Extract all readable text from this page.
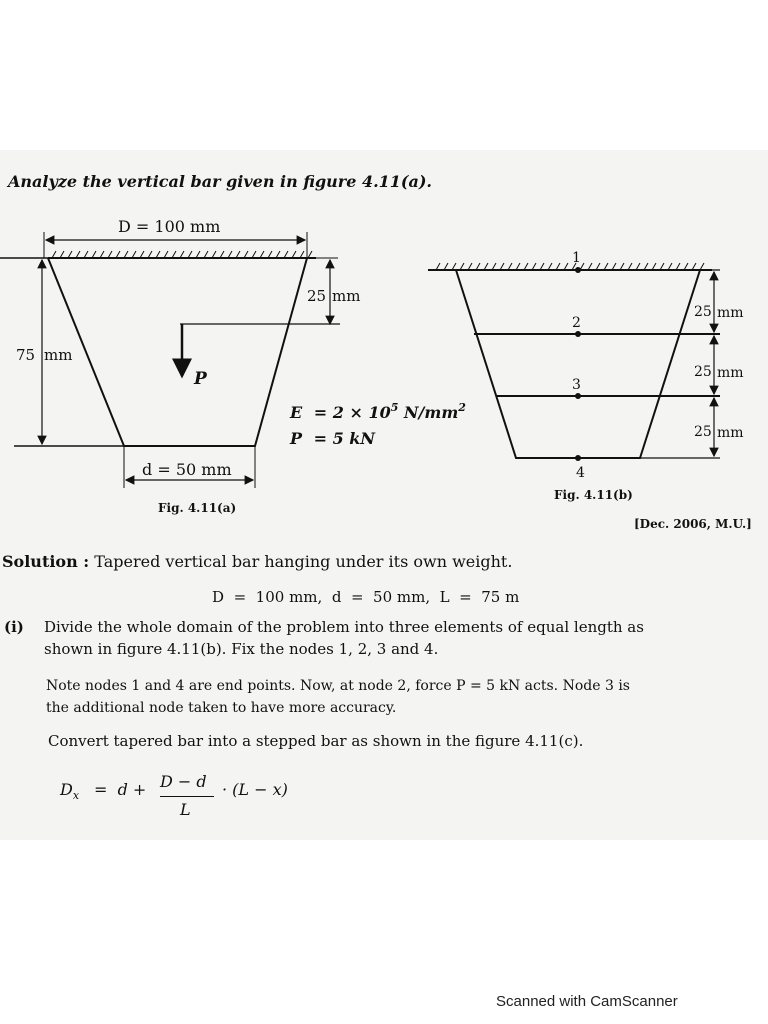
Analyze the vertical bar given in figure 4.11(a).
D = 100 mm
75 mm
25 mm
P
d = 50 mm
Fig. 4.11(a)
$E = 2 \times 10^5$ $N/mm^2$
P = 5 kN
1
2
3
4
25 mm
25 mm
25 mm
Fig. 4.11(b)
[Dec. 2006, M.U.]
Solution : Tapered vertical bar hanging under its own weight.
D  =  100 mm,  d  =  50 mm,  L  =  75 m
(i) Divide the whole domain of the problem into three elements of equal length as
shown in figure 4.11(b). Fix the nodes 1, 2, 3 and 4.
Note nodes 1 and 4 are end points. Now, at node 2, force P = 5 kN acts. Node 3 is
the additional node taken to have more accuracy.
Convert tapered bar into a stepped bar as shown in the figure 4.11(c).
$D_x = d + D - d$
L
· (L − x)
Scanned with CamScanner
